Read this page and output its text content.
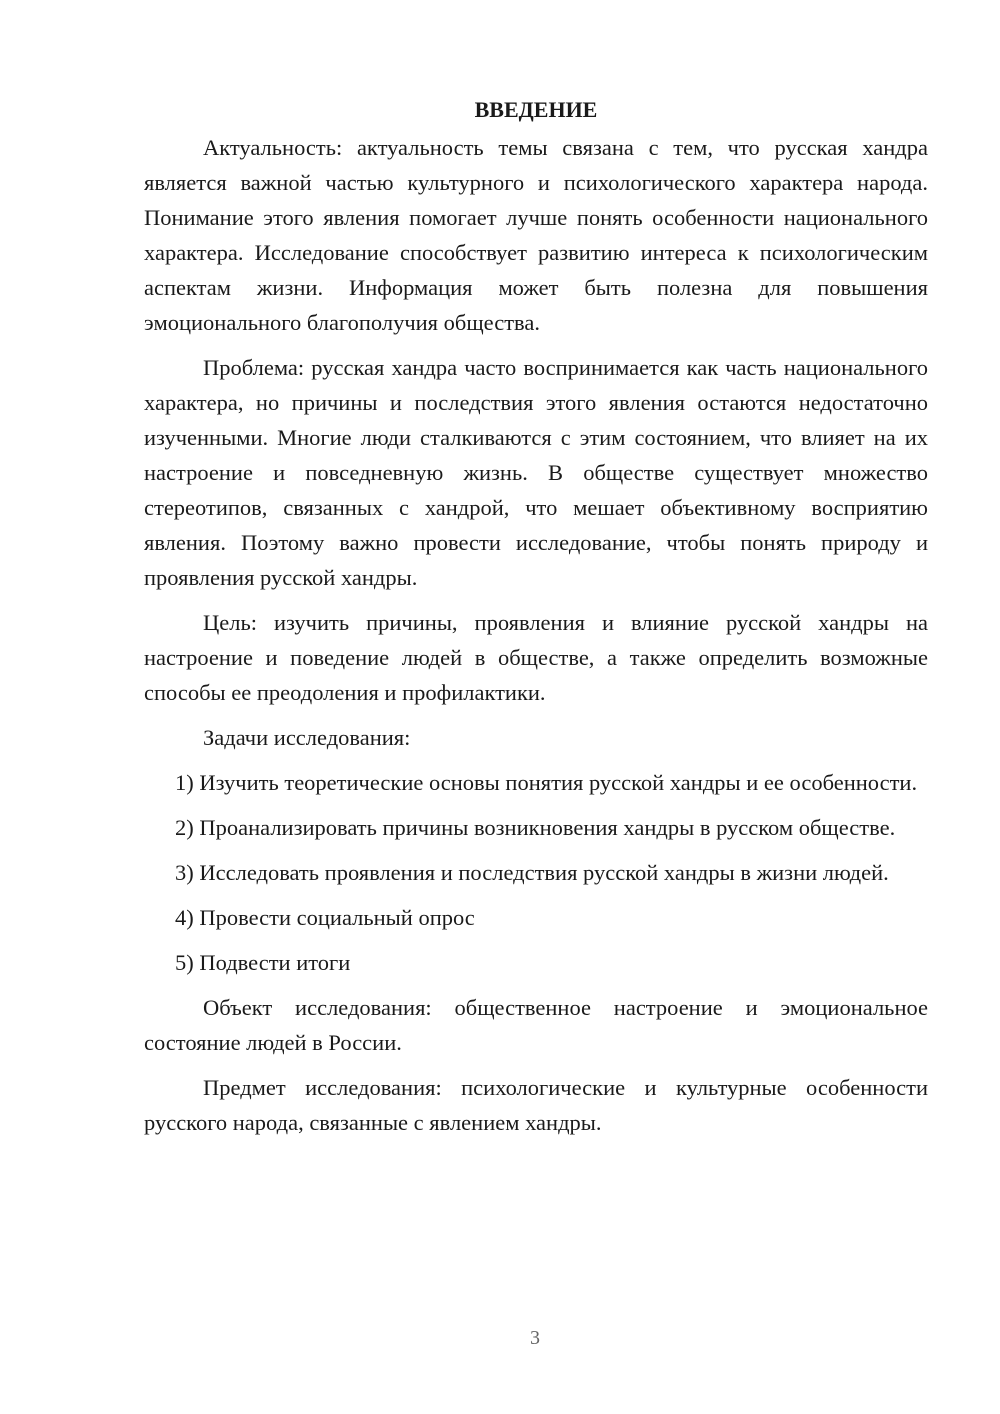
ВВЕДЕНИЕ

Актуальность: актуальность темы связана с тем, что русская хандра является важной частью культурного и психологического характера народа. Понимание этого явления помогает лучше понять особенности национального характера. Исследование способствует развитию интереса к психологическим аспектам жизни. Информация может быть полезна для повышения эмоционального благополучия общества.

Проблема: русская хандра часто воспринимается как часть национального характера, но причины и последствия этого явления остаются недостаточно изученными. Многие люди сталкиваются с этим состоянием, что влияет на их настроение и повседневную жизнь. В обществе существует множество стереотипов, связанных с хандрой, что мешает объективному восприятию явления. Поэтому важно провести исследование, чтобы понять природу и проявления русской хандры.

Цель: изучить причины, проявления и влияние русской хандры на настроение и поведение людей в обществе, а также определить возможные способы ее преодоления и профилактики.

Задачи исследования:

1) Изучить теоретические основы понятия русской хандры и ее особенности.

2) Проанализировать причины возникновения хандры в русском обществе.

3) Исследовать проявления и последствия русской хандры в жизни людей.

4) Провести социальный опрос

5) Подвести итоги

Объект исследования: общественное настроение и эмоциональное состояние людей в России.

Предмет исследования: психологические и культурные особенности русского народа, связанные с явлением хандры.

3
